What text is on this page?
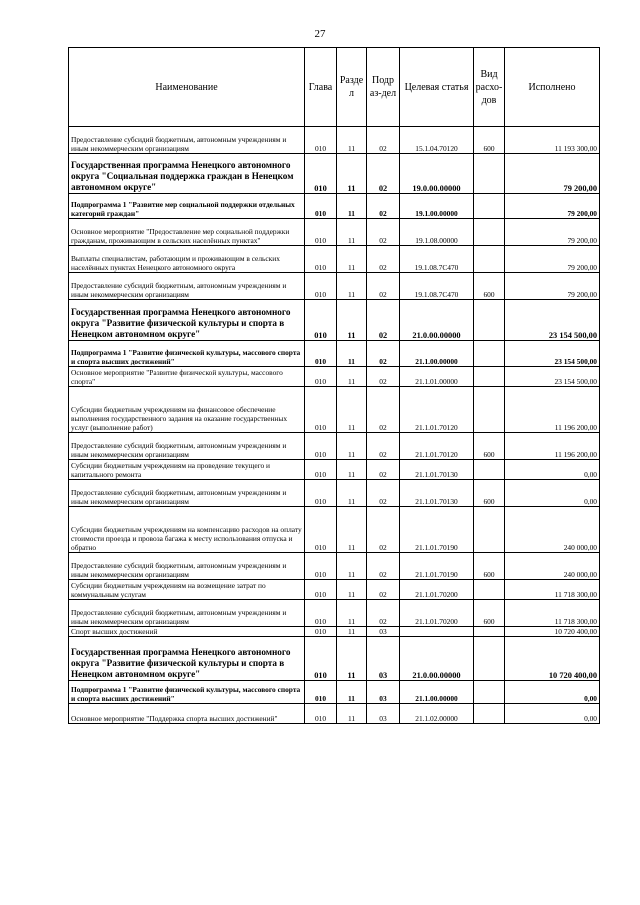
27
Наименование	Глава	Разде л	Подр аз-дел	Целевая статья	Вид расхо- дов	Исполнено
Предоставление субсидий бюджетным, автономным учреждениям и иным некоммерческим организациям	010	11	02	15.1.04.70120	600	11 193 300,00
Государственная программа Ненецкого автономного округа "Социальная поддержка граждан в Ненецком автономном округе"	010	11	02	19.0.00.00000		79 200,00
Подпрограмма 1 "Развитие мер социальной поддержки отдельных категорий граждан"	010	11	02	19.1.00.00000		79 200,00
Основное мероприятие "Предоставление мер социальной поддержки гражданам, проживающим в сельских населённых пунктах"	010	11	02	19.1.08.00000		79 200,00
Выплаты специалистам, работающим и проживающим в сельских населённых пунктах Ненецкого автономного округа	010	11	02	19.1.08.7С470		79 200,00
Предоставление субсидий бюджетным, автономным учреждениям и иным некоммерческим организациям	010	11	02	19.1.08.7С470	600	79 200,00
Государственная программа Ненецкого автономного округа "Развитие физической культуры и спорта в Ненецком автономном округе"	010	11	02	21.0.00.00000		23 154 500,00
Подпрограмма 1 "Развитие физической культуры, массового спорта и спорта высших достижений"	010	11	02	21.1.00.00000		23 154 500,00
Основное мероприятие "Развитие физической культуры, массового спорта"	010	11	02	21.1.01.00000		23 154 500,00
Субсидии бюджетным учреждениям на финансовое обеспечение выполнения государственного задания на оказание государственных услуг (выполнение работ)	010	11	02	21.1.01.70120		11 196 200,00
Предоставление субсидий бюджетным, автономным учреждениям и иным некоммерческим организациям	010	11	02	21.1.01.70120	600	11 196 200,00
Субсидии бюджетным учреждениям на проведение текущего и капитального ремонта	010	11	02	21.1.01.70130		0,00
Предоставление субсидий бюджетным, автономным учреждениям и иным некоммерческим организациям	010	11	02	21.1.01.70130	600	0,00
Субсидии бюджетным учреждениям на компенсацию расходов на оплату стоимости проезда и провоза багажа к месту использования отпуска и обратно	010	11	02	21.1.01.70190		240 000,00
Предоставление субсидий бюджетным, автономным учреждениям и иным некоммерческим организациям	010	11	02	21.1.01.70190	600	240 000,00
Субсидии бюджетным учреждениям на возмещение затрат по коммунальным услугам	010	11	02	21.1.01.70200		11 718 300,00
Предоставление субсидий бюджетным, автономным учреждениям и иным некоммерческим организациям	010	11	02	21.1.01.70200	600	11 718 300,00
Спорт высших достижений	010	11	03			10 720 400,00
Государственная программа Ненецкого автономного округа "Развитие физической культуры и спорта в Ненецком автономном округе"	010	11	03	21.0.00.00000		10 720 400,00
Подпрограмма 1 "Развитие физической культуры, массового спорта и спорта высших достижений"	010	11	03	21.1.00.00000		0,00
Основное мероприятие "Поддержка спорта высших достижений"	010	11	03	21.1.02.00000		0,00
